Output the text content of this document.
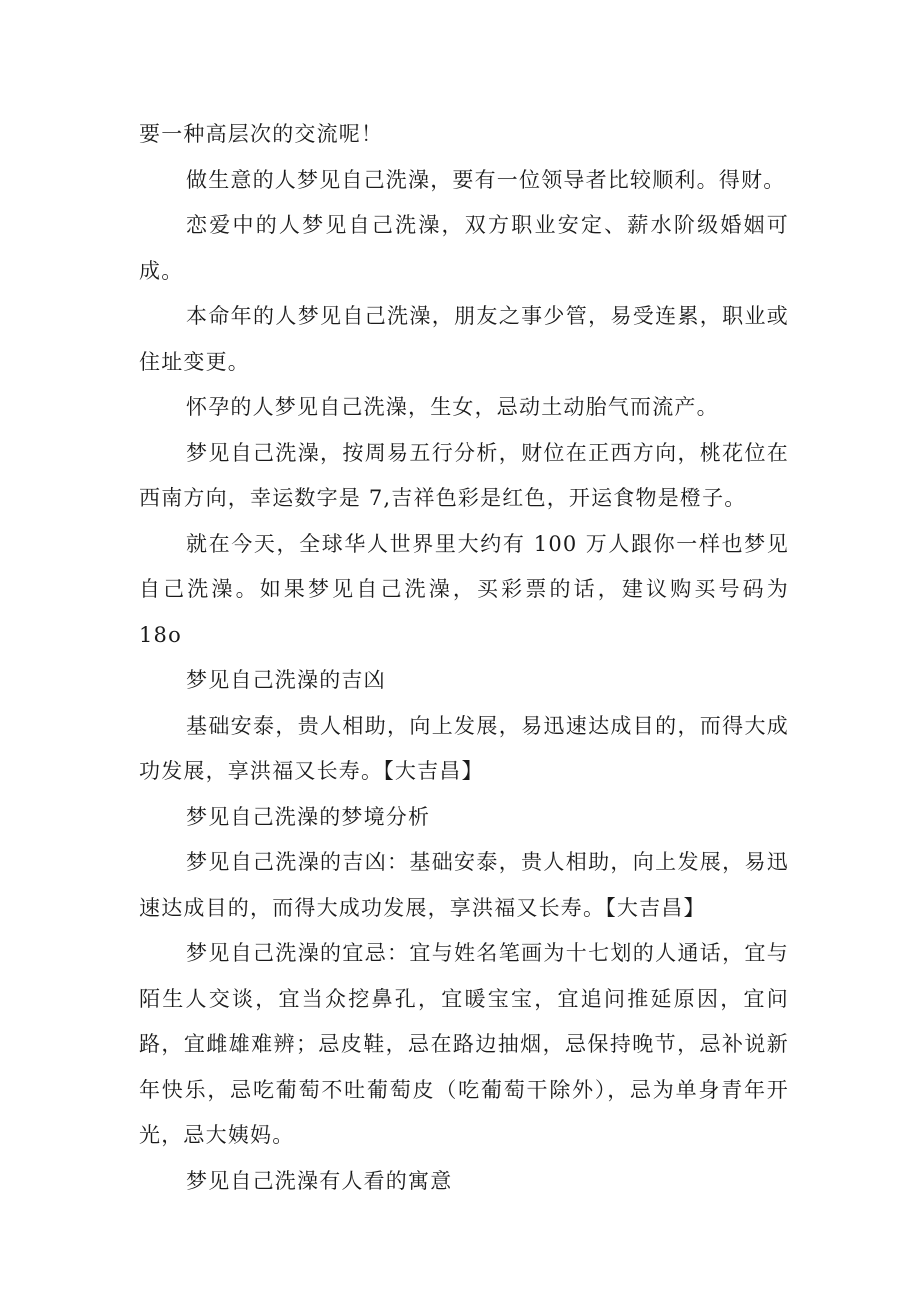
要一种高层次的交流呢！

做生意的人梦见自己洗澡，要有一位领导者比较顺利。得财。

恋爱中的人梦见自己洗澡，双方职业安定、薪水阶级婚姻可成。

本命年的人梦见自己洗澡，朋友之事少管，易受连累，职业或住址变更。

怀孕的人梦见自己洗澡，生女，忌动土动胎气而流产。

梦见自己洗澡，按周易五行分析，财位在正西方向，桃花位在西南方向，幸运数字是 7,吉祥色彩是红色，开运食物是橙子。

就在今天，全球华人世界里大约有 100 万人跟你一样也梦见自己洗澡。如果梦见自己洗澡，买彩票的话，建议购买号码为 18o

梦见自己洗澡的吉凶

基础安泰，贵人相助，向上发展，易迅速达成目的，而得大成功发展，享洪福又长寿。【大吉昌】

梦见自己洗澡的梦境分析

梦见自己洗澡的吉凶：基础安泰，贵人相助，向上发展，易迅速达成目的，而得大成功发展，享洪福又长寿。【大吉昌】

梦见自己洗澡的宜忌：宜与姓名笔画为十七划的人通话，宜与陌生人交谈，宜当众挖鼻孔，宜暖宝宝，宜追问推延原因，宜问路，宜雌雄难辨；忌皮鞋，忌在路边抽烟，忌保持晚节，忌补说新年快乐，忌吃葡萄不吐葡萄皮（吃葡萄干除外），忌为单身青年开光，忌大姨妈。

梦见自己洗澡有人看的寓意
